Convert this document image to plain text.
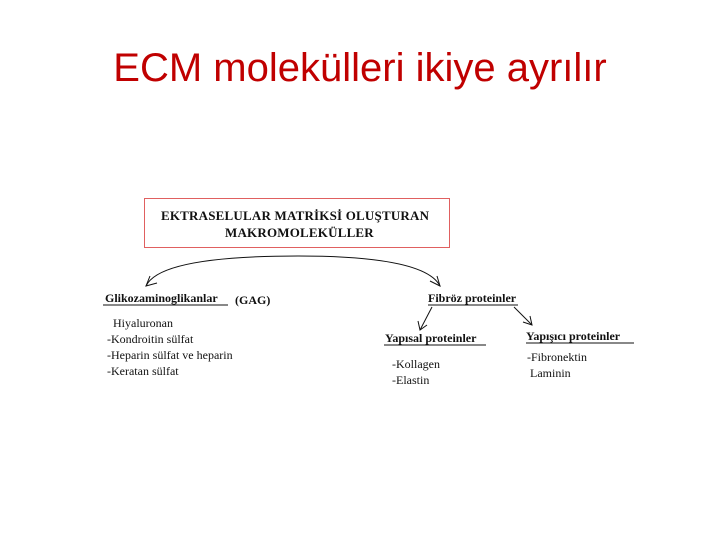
ECM molekülleri ikiye ayrılır
EKTRASELULAR MATRİKSİ OLUŞTURAN
MAKROMOLEKÜLLER
Glikozaminoglikanlar (GAG)
Hiyaluronan
-Kondroitin sülfat
-Heparin sülfat ve heparin
-Keratan sülfat
Fibröz proteinler
Yapısal proteinler
-Kollagen
-Elastin
Yapışıcı proteinler
-Fibronektin
Laminin
